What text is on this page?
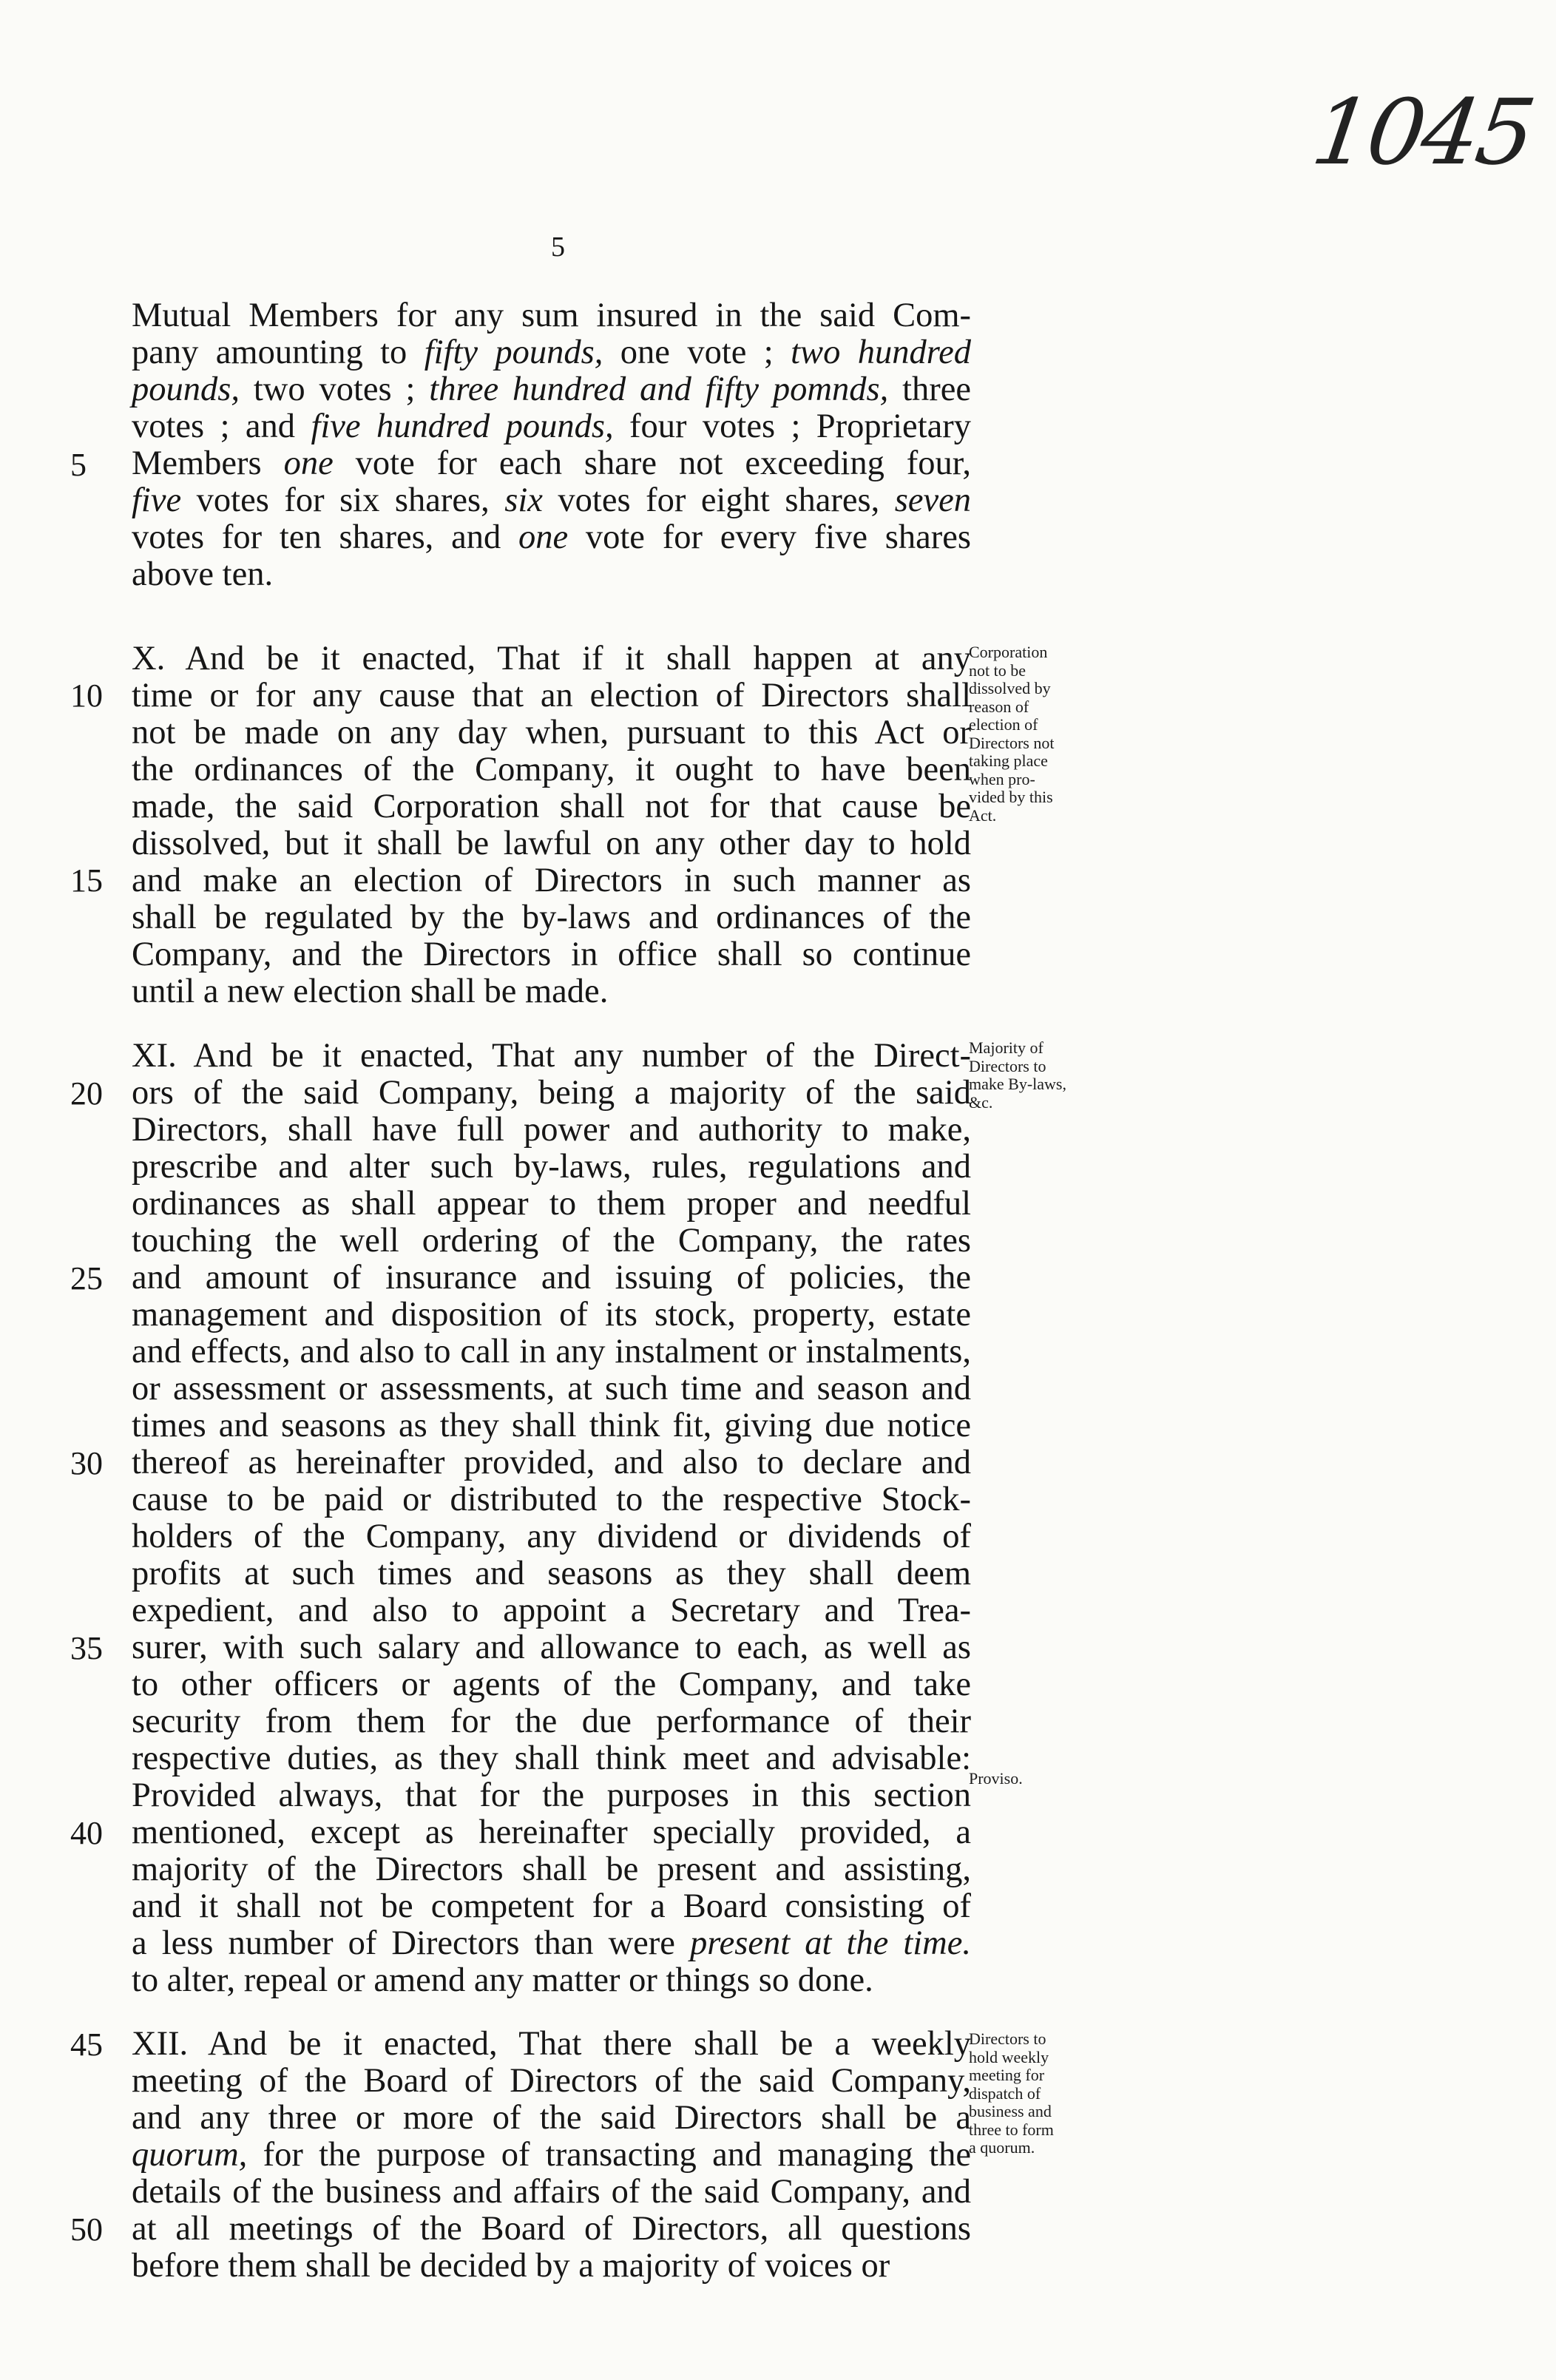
5
1045
Mutual Members for any sum insured in the said Com-
pany amounting to fifty pounds, one vote ; two hundred
pounds, two votes ; three hundred and fifty pomnds, three
votes ; and five hundred pounds, four votes ; Proprietary
Members one vote for each share not exceeding four,
five votes for six shares, six votes for eight shares, seven
votes for ten shares, and one vote for every five shares
above ten.
X. And be it enacted, That if it shall happen at any
time or for any cause that an election of Directors shall
not be made on any day when, pursuant to this Act or
the ordinances of the Company, it ought to have been
made, the said Corporation shall not for that cause be
dissolved, but it shall be lawful on any other day to hold
and make an election of Directors in such manner as
shall be regulated by the by-laws and ordinances of the
Company, and the Directors in office shall so continue
until a new election shall be made.
XI. And be it enacted, That any number of the Direct-
ors of the said Company, being a majority of the said
Directors, shall have full power and authority to make,
prescribe and alter such by-laws, rules, regulations and
ordinances as shall appear to them proper and needful
touching the well ordering of the Company, the rates
and amount of insurance and issuing of policies, the
management and disposition of its stock, property, estate
and effects, and also to call in any instalment or instalments,
or assessment or assessments, at such time and season and
times and seasons as they shall think fit, giving due notice
thereof as hereinafter provided, and also to declare and
cause to be paid or distributed to the respective Stock-
holders of the Company, any dividend or dividends of
profits at such times and seasons as they shall deem
expedient, and also to appoint a Secretary and Trea-
surer, with such salary and allowance to each, as well as
to other officers or agents of the Company, and take
security from them for the due performance of their
respective duties, as they shall think meet and advisable:
Provided always, that for the purposes in this section
mentioned, except as hereinafter specially provided, a
majority of the Directors shall be present and assisting,
and it shall not be competent for a Board consisting of
a less number of Directors than were present at the time.
to alter, repeal or amend any matter or things so done.
XII. And be it enacted, That there shall be a weekly
meeting of the Board of Directors of the said Company,
and any three or more of the said Directors shall be a
quorum, for the purpose of transacting and managing the
details of the business and affairs of the said Company, and
at all meetings of the Board of Directors, all questions
before them shall be decided by a majority of voices or
Corporation
not to be
dissolved by
reason of
election of
Directors not
taking place
when pro-
vided by this
Act.
Majority of
Directors to
make By-laws,
&c.
Proviso.
Directors to
hold weekly
meeting for
dispatch of
business and
three to form
a quorum.
5
10
15
20
25
30
35
40
45
50
